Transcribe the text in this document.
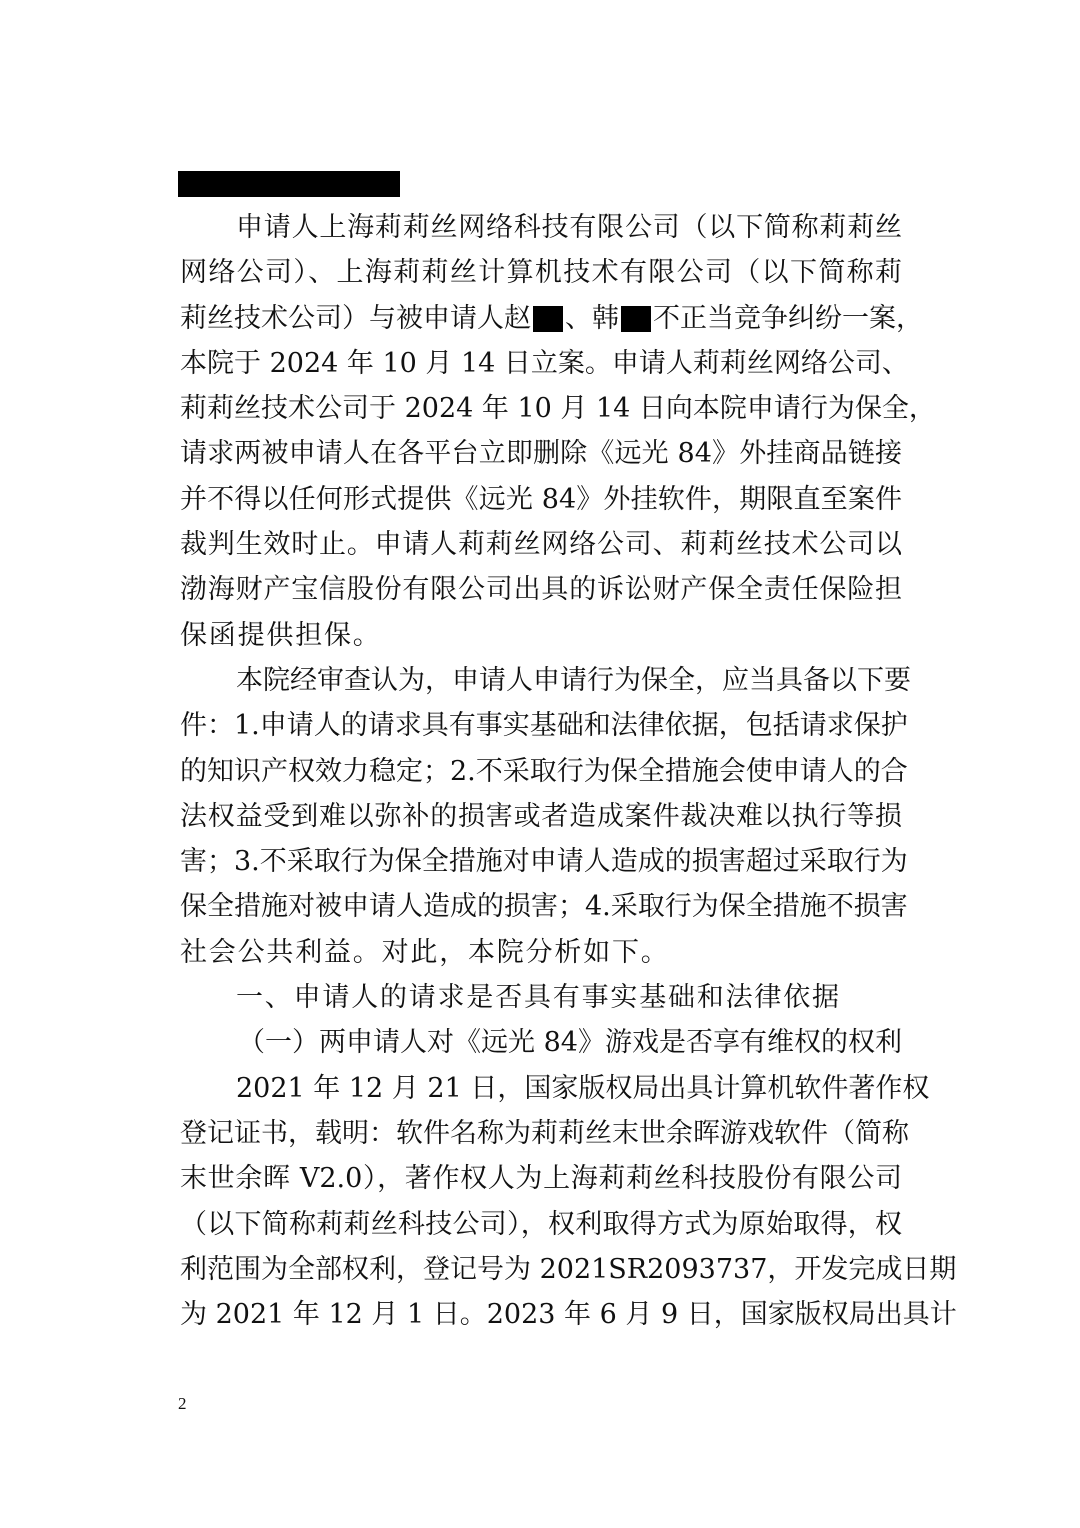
申请人上海莉莉丝网络科技有限公司（以下简称莉莉丝
网络公司）、上海莉莉丝计算机技术有限公司（以下简称莉
莉丝技术公司）与被申请人赵 、韩 不正当竞争纠纷一案，
本院于 2024 年 10 月 14 日立案。申请人莉莉丝网络公司、
莉莉丝技术公司于 2024 年 10 月 14 日向本院申请行为保全，
请求两被申请人在各平台立即删除《远光 84》外挂商品链接
并不得以任何形式提供《远光 84》外挂软件，期限直至案件
裁判生效时止。申请人莉莉丝网络公司、莉莉丝技术公司以
渤海财产宝信股份有限公司出具的诉讼财产保全责任保险担
保函提供担保。
本院经审查认为，申请人申请行为保全，应当具备以下要
件：1.申请人的请求具有事实基础和法律依据，包括请求保护
的知识产权效力稳定；2.不采取行为保全措施会使申请人的合
法权益受到难以弥补的损害或者造成案件裁决难以执行等损
害；3.不采取行为保全措施对申请人造成的损害超过采取行为
保全措施对被申请人造成的损害；4.采取行为保全措施不损害
社会公共利益。对此，本院分析如下。
一、申请人的请求是否具有事实基础和法律依据
（一）两申请人对《远光 84》游戏是否享有维权的权利
2021 年 12 月 21 日，国家版权局出具计算机软件著作权
登记证书，载明：软件名称为莉莉丝末世余晖游戏软件（简称
末世余晖 V2.0），著作权人为上海莉莉丝科技股份有限公司
（以下简称莉莉丝科技公司），权利取得方式为原始取得，权
利范围为全部权利，登记号为 2021SR2093737，开发完成日期
为 2021 年 12 月 1 日。2023 年 6 月 9 日，国家版权局出具计
2
